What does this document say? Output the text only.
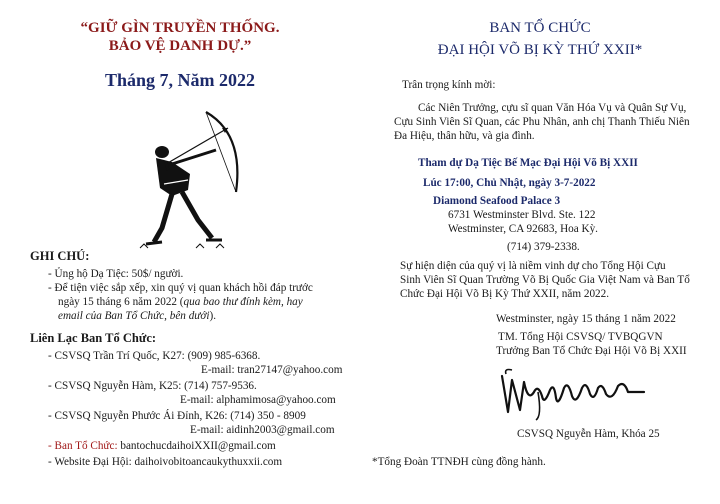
“GIỮ GÌN TRUYỀN THỐNG.
BẢO VỆ DANH DỰ.”
Tháng 7, Năm 2022
GHI CHÚ:
- Ủng hộ Dạ Tiệc: 50$/ người.
- Để tiện việc sắp xếp, xin quý vị quan khách hồi đáp trước
ngày 15 tháng 6 năm 2022 (qua bao thư đính kèm, hay
email của Ban Tổ Chức, bên dưới).
Liên Lạc Ban Tổ Chức:
- CSVSQ Trần Trí Quốc, K27: (909) 985-6368.
E-mail: tran27147@yahoo.com
- CSVSQ Nguyễn Hàm, K25: (714) 757-9536.
E-mail: alphamimosa@yahoo.com
- CSVSQ Nguyễn Phước Ái Đỉnh, K26: (714) 350 - 8909
E-mail: aidinh2003@gmail.com
- Ban Tổ Chức: bantochucdaihoiXXII@gmail.com
- Website Đại Hội: daihoivobitoancaukythuxxii.com
BAN TỔ CHỨC
ĐẠI HỘI VÕ BỊ KỲ THỨ XXII*
Trân trọng kính mời:
Các Niên Trưởng, cựu sĩ quan Văn Hóa Vụ và Quân Sự Vụ,
Cựu Sinh Viên Sĩ Quan, các Phu Nhân, anh chị Thanh Thiếu Niên
Đa Hiệu, thân hữu, và gia đình.
Tham dự Dạ Tiệc Bế Mạc Đại Hội Võ Bị XXII
Lúc 17:00, Chủ Nhật, ngày 3-7-2022
Diamond Seafood Palace 3
6731 Westminster Blvd. Ste. 122
Westminster, CA 92683, Hoa Kỳ.
(714) 379-2338.
Sự hiện diện của quý vị là niềm vinh dự cho Tổng Hội Cựu
Sinh Viên Sĩ Quan Trường Võ Bị Quốc Gia Việt Nam và Ban Tổ
Chức Đại Hội Võ Bị Kỳ Thứ XXII, năm 2022.
Westminster, ngày 15 tháng 1 năm 2022
TM. Tổng Hội CSVSQ/ TVBQGVN
Trưởng Ban Tổ Chức Đại Hội Võ Bị XXII
CSVSQ Nguyễn Hàm, Khóa 25
*Tổng Đoàn TTNĐH cùng đồng hành.
